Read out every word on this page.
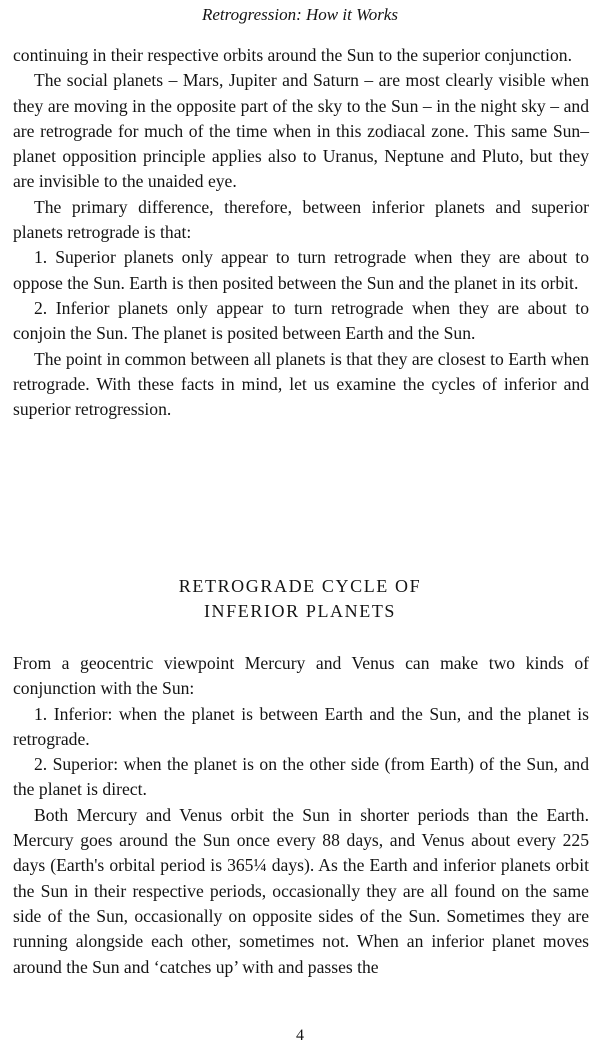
Retrogression: How it Works

continuing in their respective orbits around the Sun to the superior conjunction.

The social planets – Mars, Jupiter and Saturn – are most clearly visible when they are moving in the opposite part of the sky to the Sun – in the night sky – and are retrograde for much of the time when in this zodiacal zone. This same Sun–planet opposition principle applies also to Uranus, Neptune and Pluto, but they are invisible to the unaided eye.

The primary difference, therefore, between inferior planets and superior planets retrograde is that:

1. Superior planets only appear to turn retrograde when they are about to oppose the Sun. Earth is then posited between the Sun and the planet in its orbit.

2. Inferior planets only appear to turn retrograde when they are about to conjoin the Sun. The planet is posited between Earth and the Sun.

The point in common between all planets is that they are closest to Earth when retrograde. With these facts in mind, let us examine the cycles of inferior and superior retrogression.

RETROGRADE CYCLE OF
INFERIOR PLANETS

From a geocentric viewpoint Mercury and Venus can make two kinds of conjunction with the Sun:

1. Inferior: when the planet is between Earth and the Sun, and the planet is retrograde.

2. Superior: when the planet is on the other side (from Earth) of the Sun, and the planet is direct.

Both Mercury and Venus orbit the Sun in shorter periods than the Earth. Mercury goes around the Sun once every 88 days, and Venus about every 225 days (Earth's orbital period is 365¼ days). As the Earth and inferior planets orbit the Sun in their respective periods, occasionally they are all found on the same side of the Sun, occasionally on opposite sides of the Sun. Sometimes they are running alongside each other, sometimes not. When an inferior planet moves around the Sun and ‘catches up’ with and passes the

4
